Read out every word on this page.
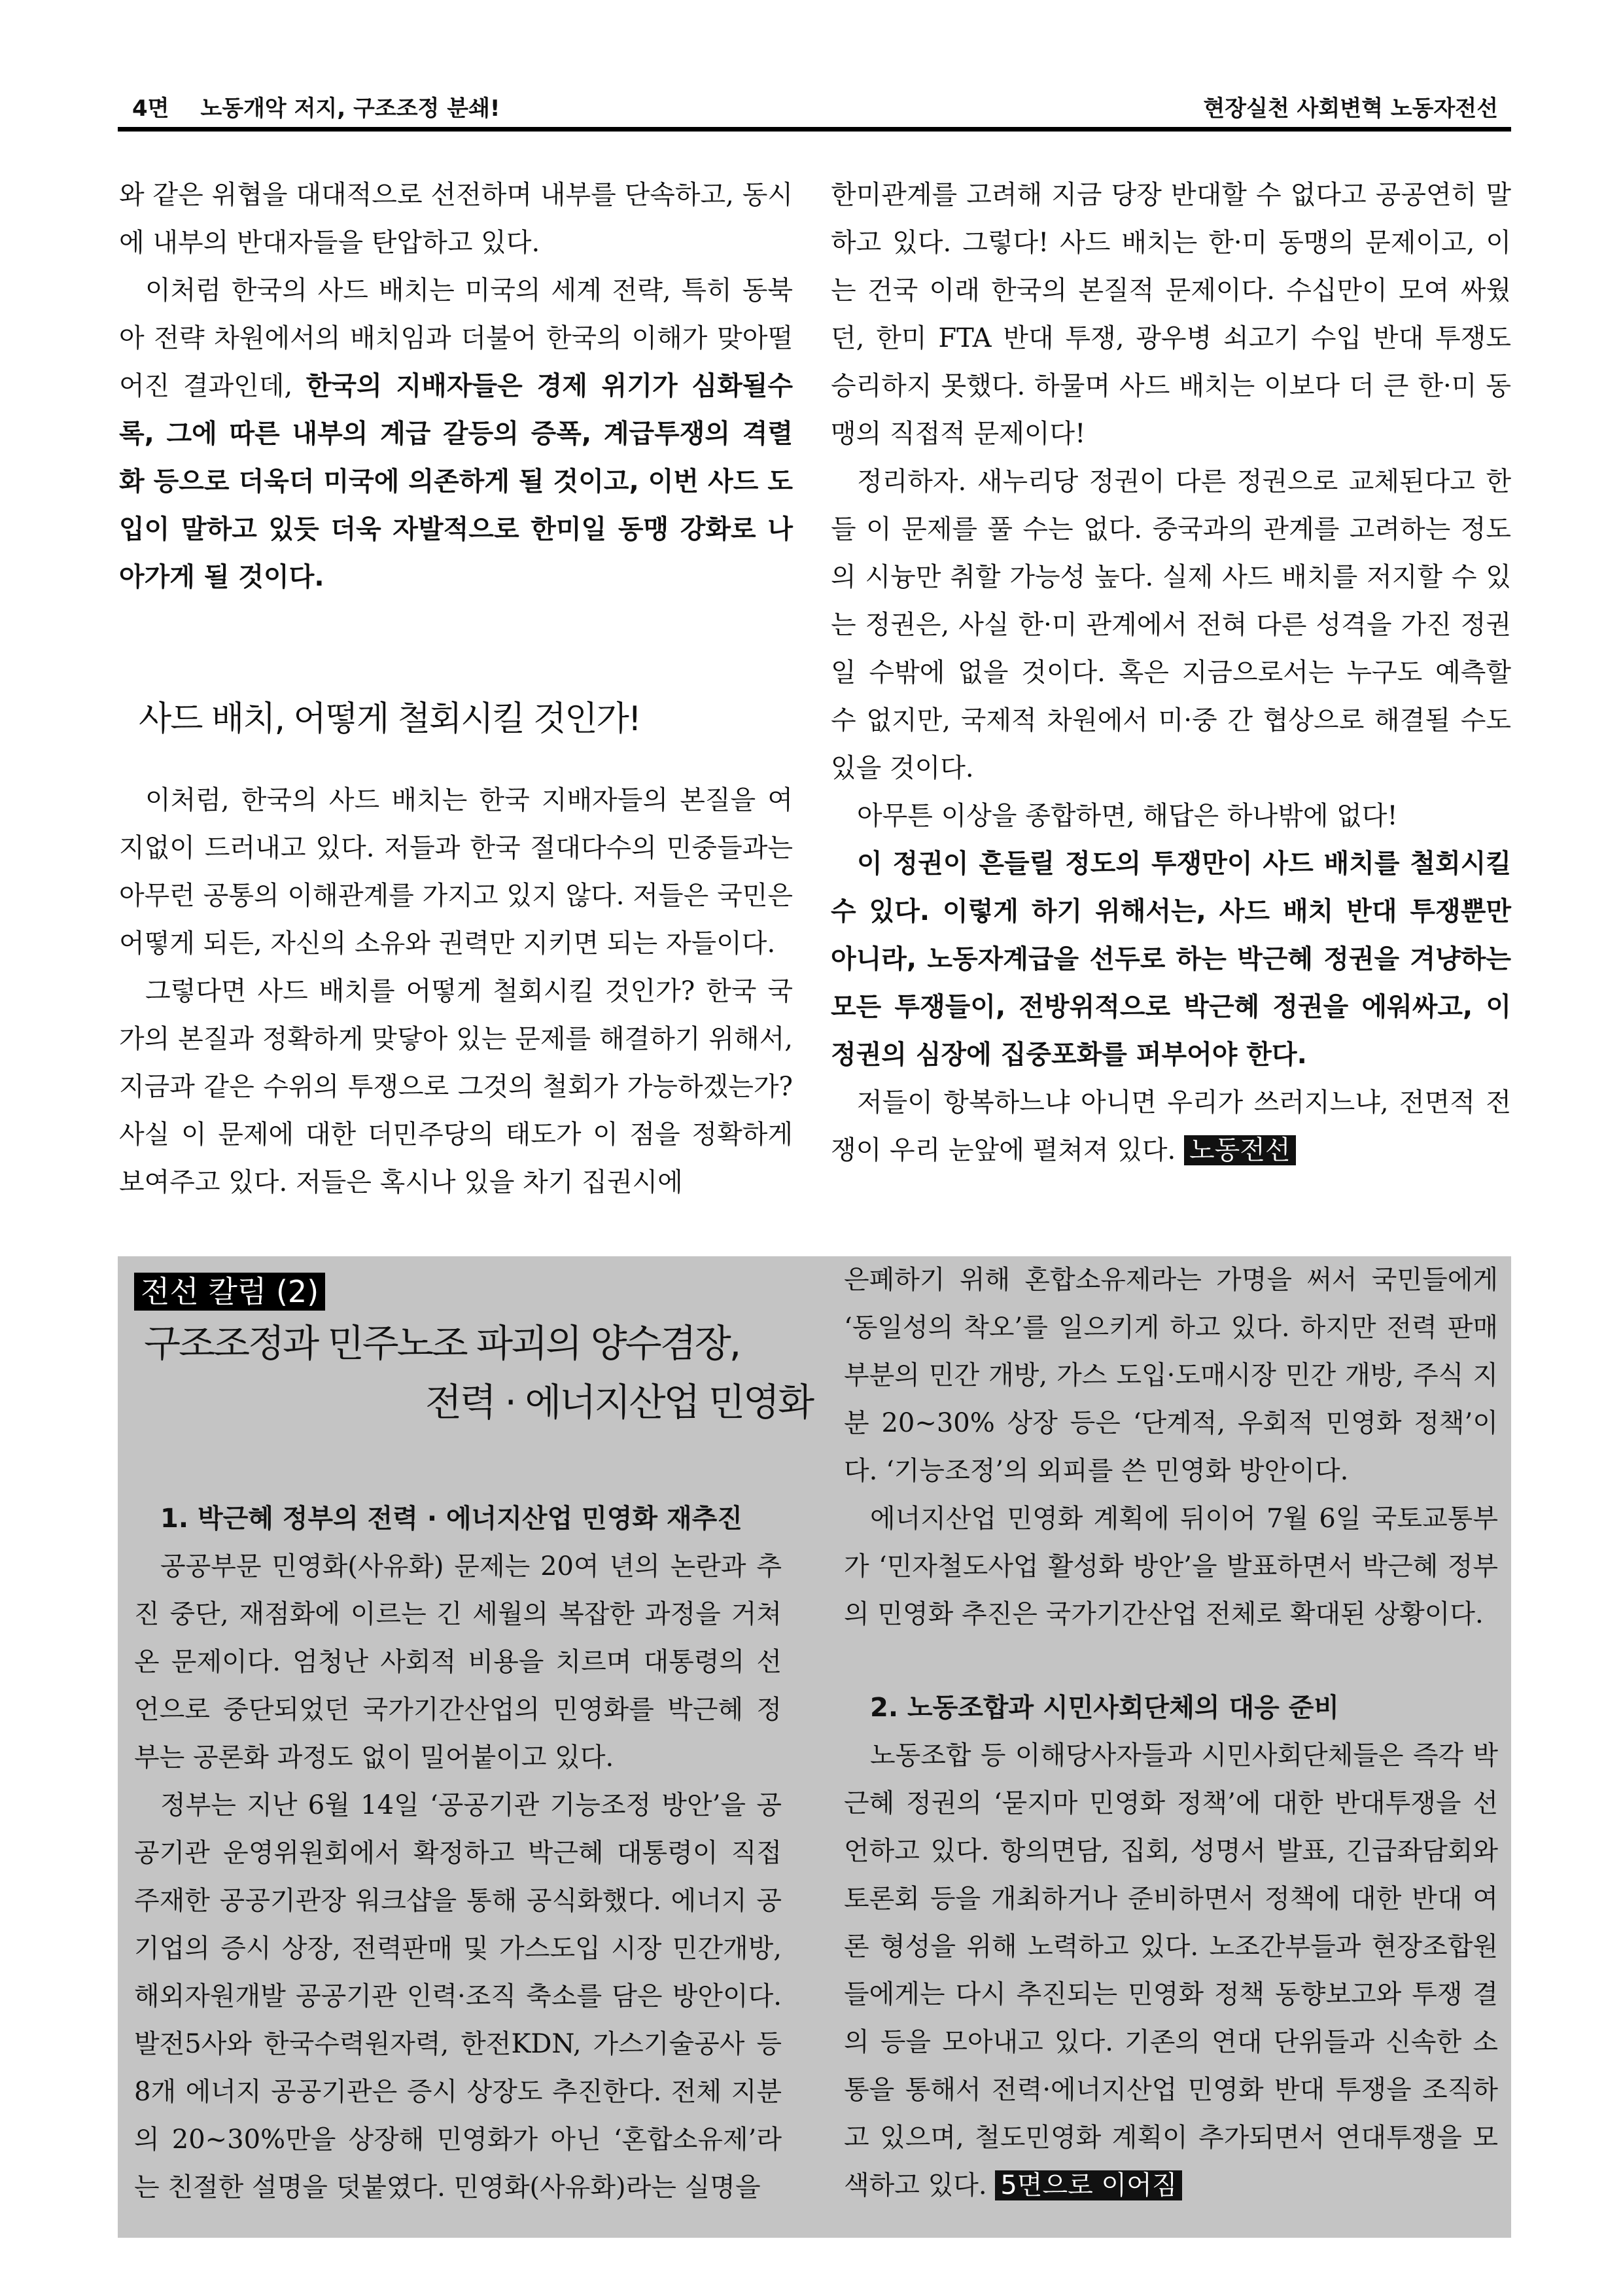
4면 노동개악 저지, 구조조정 분쇄!	현장실천 사회변혁 노동자전선

와 같은 위협을 대대적으로 선전하며 내부를 단속하고, 동시에 내부의 반대자들을 탄압하고 있다.

이처럼 한국의 사드 배치는 미국의 세계 전략, 특히 동북아 전략 차원에서의 배치임과 더불어 한국의 이해가 맞아떨어진 결과인데, 한국의 지배자들은 경제 위기가 심화될수록, 그에 따른 내부의 계급 갈등의 증폭, 계급투쟁의 격렬화 등으로 더욱더 미국에 의존하게 될 것이고, 이번 사드 도입이 말하고 있듯 더욱 자발적으로 한미일 동맹 강화로 나아가게 될 것이다.

사드 배치, 어떻게 철회시킬 것인가!

이처럼, 한국의 사드 배치는 한국 지배자들의 본질을 여지없이 드러내고 있다. 저들과 한국 절대다수의 민중들과는 아무런 공통의 이해관계를 가지고 있지 않다. 저들은 국민은 어떻게 되든, 자신의 소유와 권력만 지키면 되는 자들이다.

그렇다면 사드 배치를 어떻게 철회시킬 것인가? 한국 국가의 본질과 정확하게 맞닿아 있는 문제를 해결하기 위해서, 지금과 같은 수위의 투쟁으로 그것의 철회가 가능하겠는가? 사실 이 문제에 대한 더민주당의 태도가 이 점을 정확하게 보여주고 있다. 저들은 혹시나 있을 차기 집권시에

한미관계를 고려해 지금 당장 반대할 수 없다고 공공연히 말하고 있다. 그렇다! 사드 배치는 한·미 동맹의 문제이고, 이는 건국 이래 한국의 본질적 문제이다. 수십만이 모여 싸웠던, 한미 FTA 반대 투쟁, 광우병 쇠고기 수입 반대 투쟁도 승리하지 못했다. 하물며 사드 배치는 이보다 더 큰 한·미 동맹의 직접적 문제이다!

정리하자. 새누리당 정권이 다른 정권으로 교체된다고 한들 이 문제를 풀 수는 없다. 중국과의 관계를 고려하는 정도의 시늉만 취할 가능성 높다. 실제 사드 배치를 저지할 수 있는 정권은, 사실 한·미 관계에서 전혀 다른 성격을 가진 정권일 수밖에 없을 것이다. 혹은 지금으로서는 누구도 예측할 수 없지만, 국제적 차원에서 미·중 간 협상으로 해결될 수도 있을 것이다.

아무튼 이상을 종합하면, 해답은 하나밖에 없다!

이 정권이 흔들릴 정도의 투쟁만이 사드 배치를 철회시킬 수 있다. 이렇게 하기 위해서는, 사드 배치 반대 투쟁뿐만 아니라, 노동자계급을 선두로 하는 박근혜 정권을 겨냥하는 모든 투쟁들이, 전방위적으로 박근혜 정권을 에워싸고, 이 정권의 심장에 집중포화를 퍼부어야 한다.

저들이 항복하느냐 아니면 우리가 쓰러지느냐, 전면적 전쟁이 우리 눈앞에 펼쳐져 있다. 노동전선

전선 칼럼 (2)
구조조정과 민주노조 파괴의 양수겸장,
전력 · 에너지산업 민영화

1. 박근혜 정부의 전력 · 에너지산업 민영화 재추진

공공부문 민영화(사유화) 문제는 20여 년의 논란과 추진 중단, 재점화에 이르는 긴 세월의 복잡한 과정을 거쳐 온 문제이다. 엄청난 사회적 비용을 치르며 대통령의 선언으로 중단되었던 국가기간산업의 민영화를 박근혜 정부는 공론화 과정도 없이 밀어붙이고 있다.

정부는 지난 6월 14일 ‘공공기관 기능조정 방안’을 공공기관 운영위원회에서 확정하고 박근혜 대통령이 직접 주재한 공공기관장 워크샵을 통해 공식화했다. 에너지 공기업의 증시 상장, 전력판매 및 가스도입 시장 민간개방, 해외자원개발 공공기관 인력·조직 축소를 담은 방안이다. 발전5사와 한국수력원자력, 한전KDN, 가스기술공사 등 8개 에너지 공공기관은 증시 상장도 추진한다. 전체 지분의 20~30%만을 상장해 민영화가 아닌 ‘혼합소유제’라는 친절한 설명을 덧붙였다. 민영화(사유화)라는 실명을

은폐하기 위해 혼합소유제라는 가명을 써서 국민들에게 ‘동일성의 착오’를 일으키게 하고 있다. 하지만 전력 판매부분의 민간 개방, 가스 도입·도매시장 민간 개방, 주식 지분 20~30% 상장 등은 ‘단계적, 우회적 민영화 정책’이다. ‘기능조정’의 외피를 쓴 민영화 방안이다.

에너지산업 민영화 계획에 뒤이어 7월 6일 국토교통부가 ‘민자철도사업 활성화 방안’을 발표하면서 박근혜 정부의 민영화 추진은 국가기간산업 전체로 확대된 상황이다.

2. 노동조합과 시민사회단체의 대응 준비

노동조합 등 이해당사자들과 시민사회단체들은 즉각 박근혜 정권의 ‘묻지마 민영화 정책’에 대한 반대투쟁을 선언하고 있다. 항의면담, 집회, 성명서 발표, 긴급좌담회와 토론회 등을 개최하거나 준비하면서 정책에 대한 반대 여론 형성을 위해 노력하고 있다. 노조간부들과 현장조합원들에게는 다시 추진되는 민영화 정책 동향보고와 투쟁 결의 등을 모아내고 있다. 기존의 연대 단위들과 신속한 소통을 통해서 전력·에너지산업 민영화 반대 투쟁을 조직하고 있으며, 철도민영화 계획이 추가되면서 연대투쟁을 모색하고 있다. 5면으로 이어짐
